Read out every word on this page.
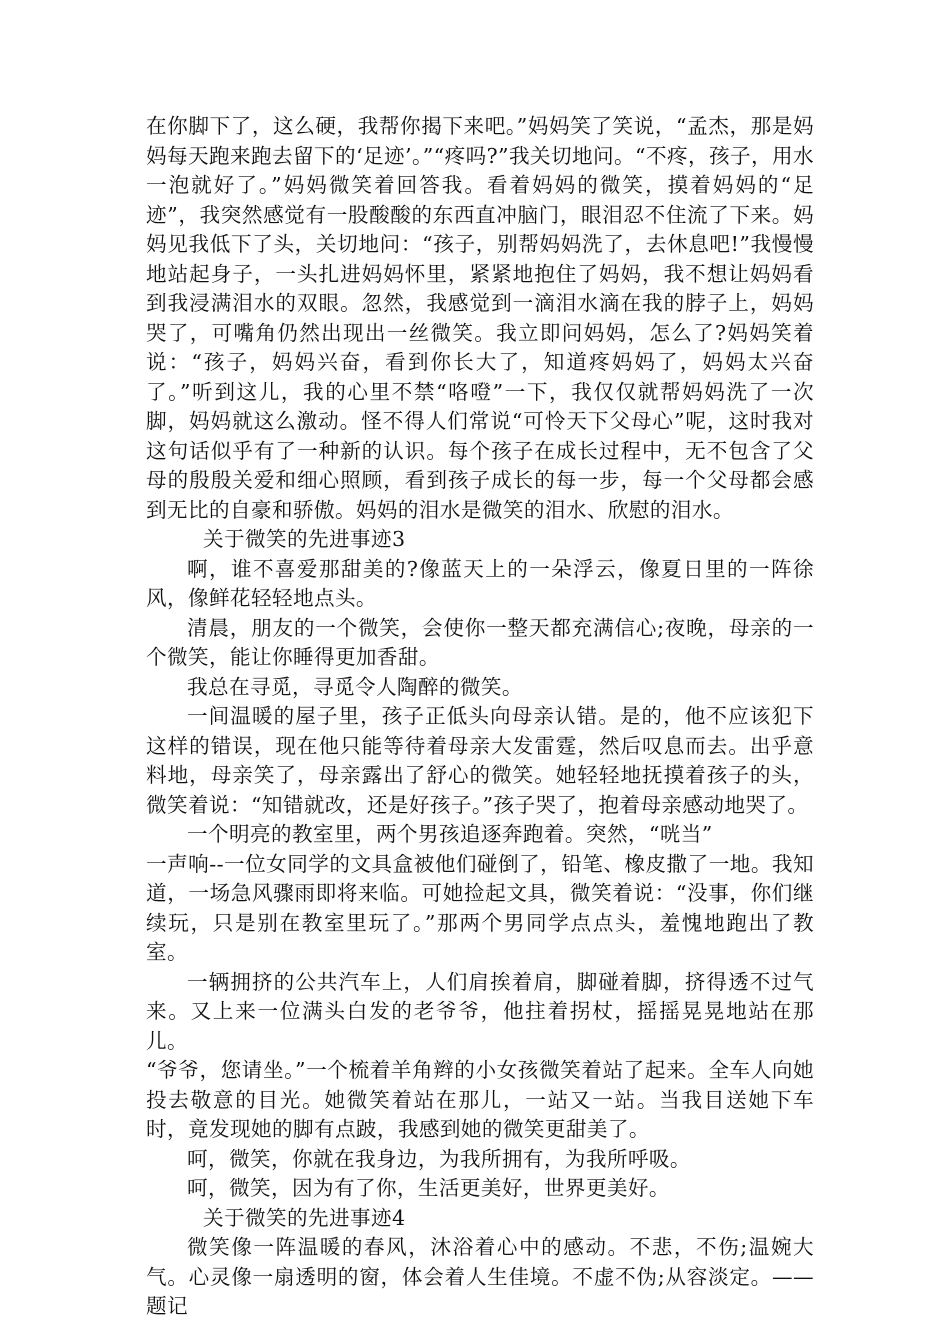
在你脚下了，这么硬，我帮你揭下来吧。”妈妈笑了笑说，“孟杰，那是妈妈每天跑来跑去留下的‘足迹’。”“疼吗?”我关切地问。“不疼，孩子，用水一泡就好了。”妈妈微笑着回答我。看着妈妈的微笑，摸着妈妈的“足迹”，我突然感觉有一股酸酸的东西直冲脑门，眼泪忍不住流了下来。妈妈见我低下了头，关切地问：“孩子，别帮妈妈洗了，去休息吧!”我慢慢地站起身子，一头扎进妈妈怀里，紧紧地抱住了妈妈，我不想让妈妈看到我浸满泪水的双眼。忽然，我感觉到一滴泪水滴在我的脖子上，妈妈哭了，可嘴角仍然出现出一丝微笑。我立即问妈妈，怎么了?妈妈笑着说：“孩子，妈妈兴奋，看到你长大了，知道疼妈妈了，妈妈太兴奋了。”听到这儿，我的心里不禁“咯噔”一下，我仅仅就帮妈妈洗了一次脚，妈妈就这么激动。怪不得人们常说“可怜天下父母心”呢，这时我对这句话似乎有了一种新的认识。每个孩子在成长过程中，无不包含了父母的殷殷关爱和细心照顾，看到孩子成长的每一步，每一个父母都会感到无比的自豪和骄傲。妈妈的泪水是微笑的泪水、欣慰的泪水。

关于微笑的先进事迹3

啊，谁不喜爱那甜美的?像蓝天上的一朵浮云，像夏日里的一阵徐风，像鲜花轻轻地点头。

清晨，朋友的一个微笑，会使你一整天都充满信心;夜晚，母亲的一个微笑，能让你睡得更加香甜。

我总在寻觅，寻觅令人陶醉的微笑。

一间温暖的屋子里，孩子正低头向母亲认错。是的，他不应该犯下这样的错误，现在他只能等待着母亲大发雷霆，然后叹息而去。出乎意料地，母亲笑了，母亲露出了舒心的微笑。她轻轻地抚摸着孩子的头，微笑着说：“知错就改，还是好孩子。”孩子哭了，抱着母亲感动地哭了。

一个明亮的教室里，两个男孩追逐奔跑着。突然，“咣当”

一声响--一位女同学的文具盒被他们碰倒了，铅笔、橡皮撒了一地。我知道，一场急风骤雨即将来临。可她捡起文具，微笑着说：“没事，你们继续玩，只是别在教室里玩了。”那两个男同学点点头，羞愧地跑出了教室。

一辆拥挤的公共汽车上，人们肩挨着肩，脚碰着脚，挤得透不过气来。又上来一位满头白发的老爷爷，他拄着拐杖，摇摇晃晃地站在那儿。

“爷爷，您请坐。”一个梳着羊角辫的小女孩微笑着站了起来。全车人向她投去敬意的目光。她微笑着站在那儿，一站又一站。当我目送她下车时，竟发现她的脚有点跛，我感到她的微笑更甜美了。

呵，微笑，你就在我身边，为我所拥有，为我所呼吸。

呵，微笑，因为有了你，生活更美好，世界更美好。

关于微笑的先进事迹4

微笑像一阵温暖的春风，沐浴着心中的感动。不悲，不伤;温婉大气。心灵像一扇透明的窗，体会着人生佳境。不虚不伪;从容淡定。——题记
